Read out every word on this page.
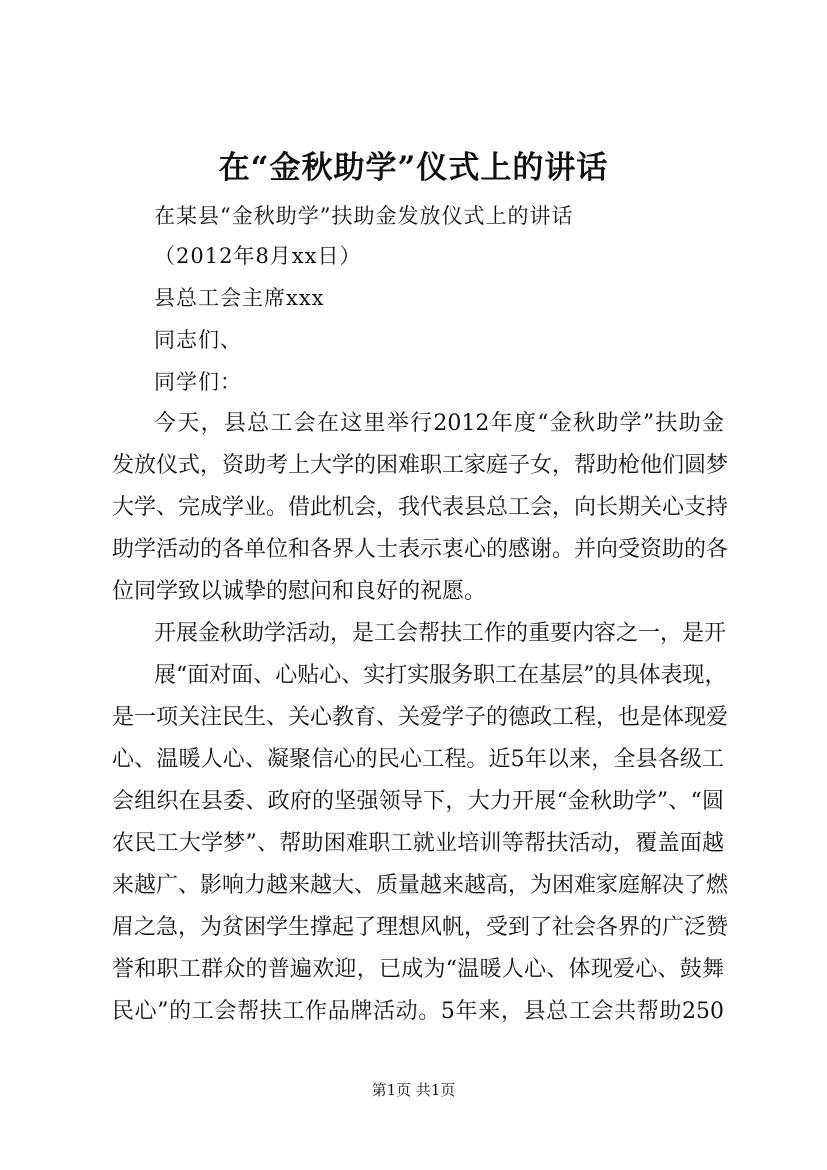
在“金秋助学”仪式上的讲话
在某县“金秋助学”扶助金发放仪式上的讲话
（2012年8月xx日）
县总工会主席xxx
同志们、
同学们：
今天，县总工会在这里举行2012年度“金秋助学”扶助金
发放仪式，资助考上大学的困难职工家庭子女，帮助枪他们圆梦
大学、完成学业。借此机会，我代表县总工会，向长期关心支持
助学活动的各单位和各界人士表示衷心的感谢。并向受资助的各
位同学致以诚挚的慰问和良好的祝愿。
开展金秋助学活动，是工会帮扶工作的重要内容之一，是开
展“面对面、心贴心、实打实服务职工在基层”的具体表现，
是一项关注民生、关心教育、关爱学子的德政工程，也是体现爱
心、温暖人心、凝聚信心的民心工程。近5年以来，全县各级工
会组织在县委、政府的坚强领导下，大力开展“金秋助学”、“圆
农民工大学梦”、帮助困难职工就业培训等帮扶活动，覆盖面越
来越广、影响力越来越大、质量越来越高，为困难家庭解决了燃
眉之急，为贫困学生撑起了理想风帆，受到了社会各界的广泛赞
誉和职工群众的普遍欢迎，已成为“温暖人心、体现爱心、鼓舞
民心”的工会帮扶工作品牌活动。5年来，县总工会共帮助250
第1页 共1页
